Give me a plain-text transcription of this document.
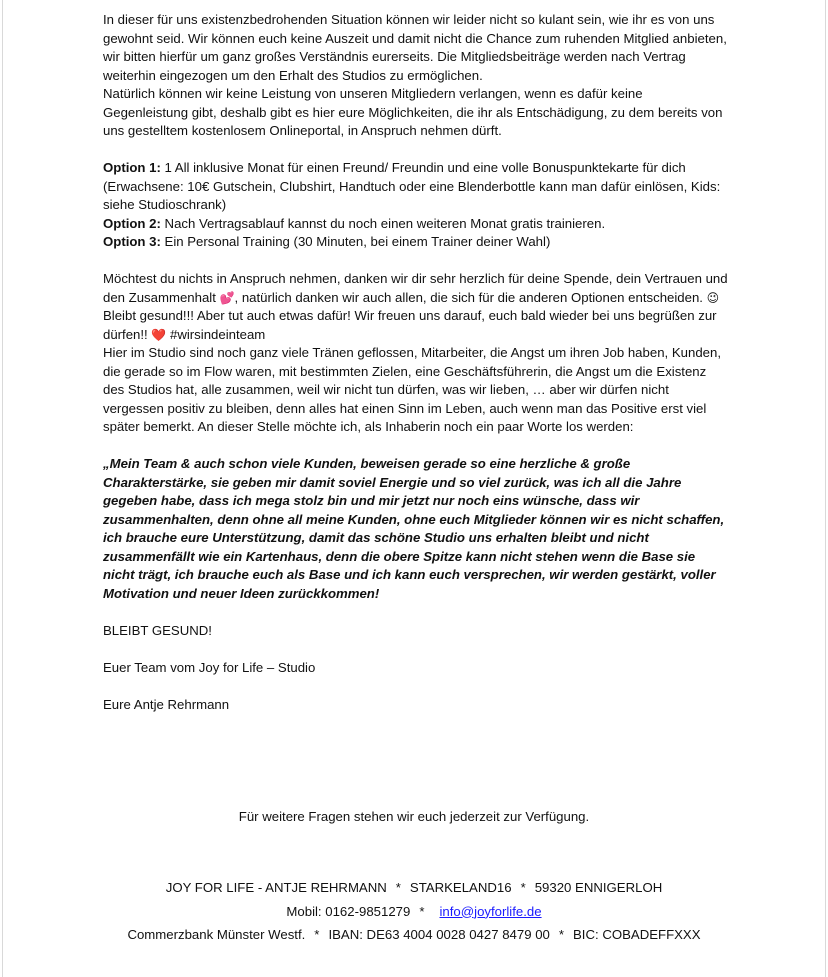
In dieser für uns existenzbedrohenden Situation können wir leider nicht so kulant sein, wie ihr es von uns gewohnt seid. Wir können euch keine Auszeit und damit nicht die Chance zum ruhenden Mitglied anbieten, wir bitten hierfür um ganz großes Verständnis eurerseits. Die Mitgliedsbeiträge werden nach Vertrag weiterhin eingezogen um den Erhalt des Studios zu ermöglichen.

Natürlich können wir keine Leistung von unseren Mitgliedern verlangen, wenn es dafür keine Gegenleistung gibt, deshalb gibt es hier eure Möglichkeiten, die ihr als Entschädigung, zu dem bereits von uns gestelltem kostenlosem Onlineportal, in Anspruch nehmen dürft.

Option 1: 1 All inklusive Monat für einen Freund/ Freundin und eine volle Bonuspunktekarte für dich (Erwachsene: 10€ Gutschein, Clubshirt, Handtuch oder eine Blenderbottle kann man dafür einlösen, Kids: siehe Studioschrank)

Option 2: Nach Vertragsablauf kannst du noch einen weiteren Monat gratis trainieren.

Option 3: Ein Personal Training (30 Minuten, bei einem Trainer deiner Wahl)

Möchtest du nichts in Anspruch nehmen, danken wir dir sehr herzlich für deine Spende, dein Vertrauen und den Zusammenhalt 💕, natürlich danken wir auch allen, die sich für die anderen Optionen entscheiden. 😉

Bleibt gesund!!! Aber tut auch etwas dafür! Wir freuen uns darauf, euch bald wieder bei uns begrüßen zur dürfen!! ❤️ #wirsindeinteam

Hier im Studio sind noch ganz viele Tränen geflossen, Mitarbeiter, die Angst um ihren Job haben, Kunden, die gerade so im Flow waren, mit bestimmten Zielen, eine Geschäftsführerin, die Angst um die Existenz des Studios hat, alle zusammen, weil wir nicht tun dürfen, was wir lieben, … aber wir dürfen nicht vergessen positiv zu bleiben, denn alles hat einen Sinn im Leben, auch wenn man das Positive erst viel später bemerkt. An dieser Stelle möchte ich, als Inhaberin noch ein paar Worte los werden:

„Mein Team & auch schon viele Kunden, beweisen gerade so eine herzliche & große Charakterstärke, sie geben mir damit soviel Energie und so viel zurück, was ich all die Jahre gegeben habe, dass ich mega stolz bin und mir jetzt nur noch eins wünsche, dass wir zusammenhalten, denn ohne all meine Kunden, ohne euch Mitglieder können wir es nicht schaffen, ich brauche eure Unterstützung, damit das schöne Studio uns erhalten bleibt und nicht zusammenfällt wie ein Kartenhaus, denn die obere Spitze kann nicht stehen wenn die Base sie nicht trägt, ich brauche euch als Base und ich kann euch versprechen, wir werden gestärkt, voller Motivation und neuer Ideen zurückkommen!

BLEIBT GESUND!

Euer Team vom Joy for Life – Studio

Eure Antje Rehrmann

Für weitere Fragen stehen wir euch jederzeit zur Verfügung.
JOY FOR LIFE - ANTJE REHRMANN * STARKELAND16 * 59320 ENNIGERLOH
Mobil: 0162-9851279 * info@joyforlife.de
Commerzbank Münster Westf. * IBAN: DE63 4004 0028 0427 8479 00 * BIC: COBADEFFXXX
